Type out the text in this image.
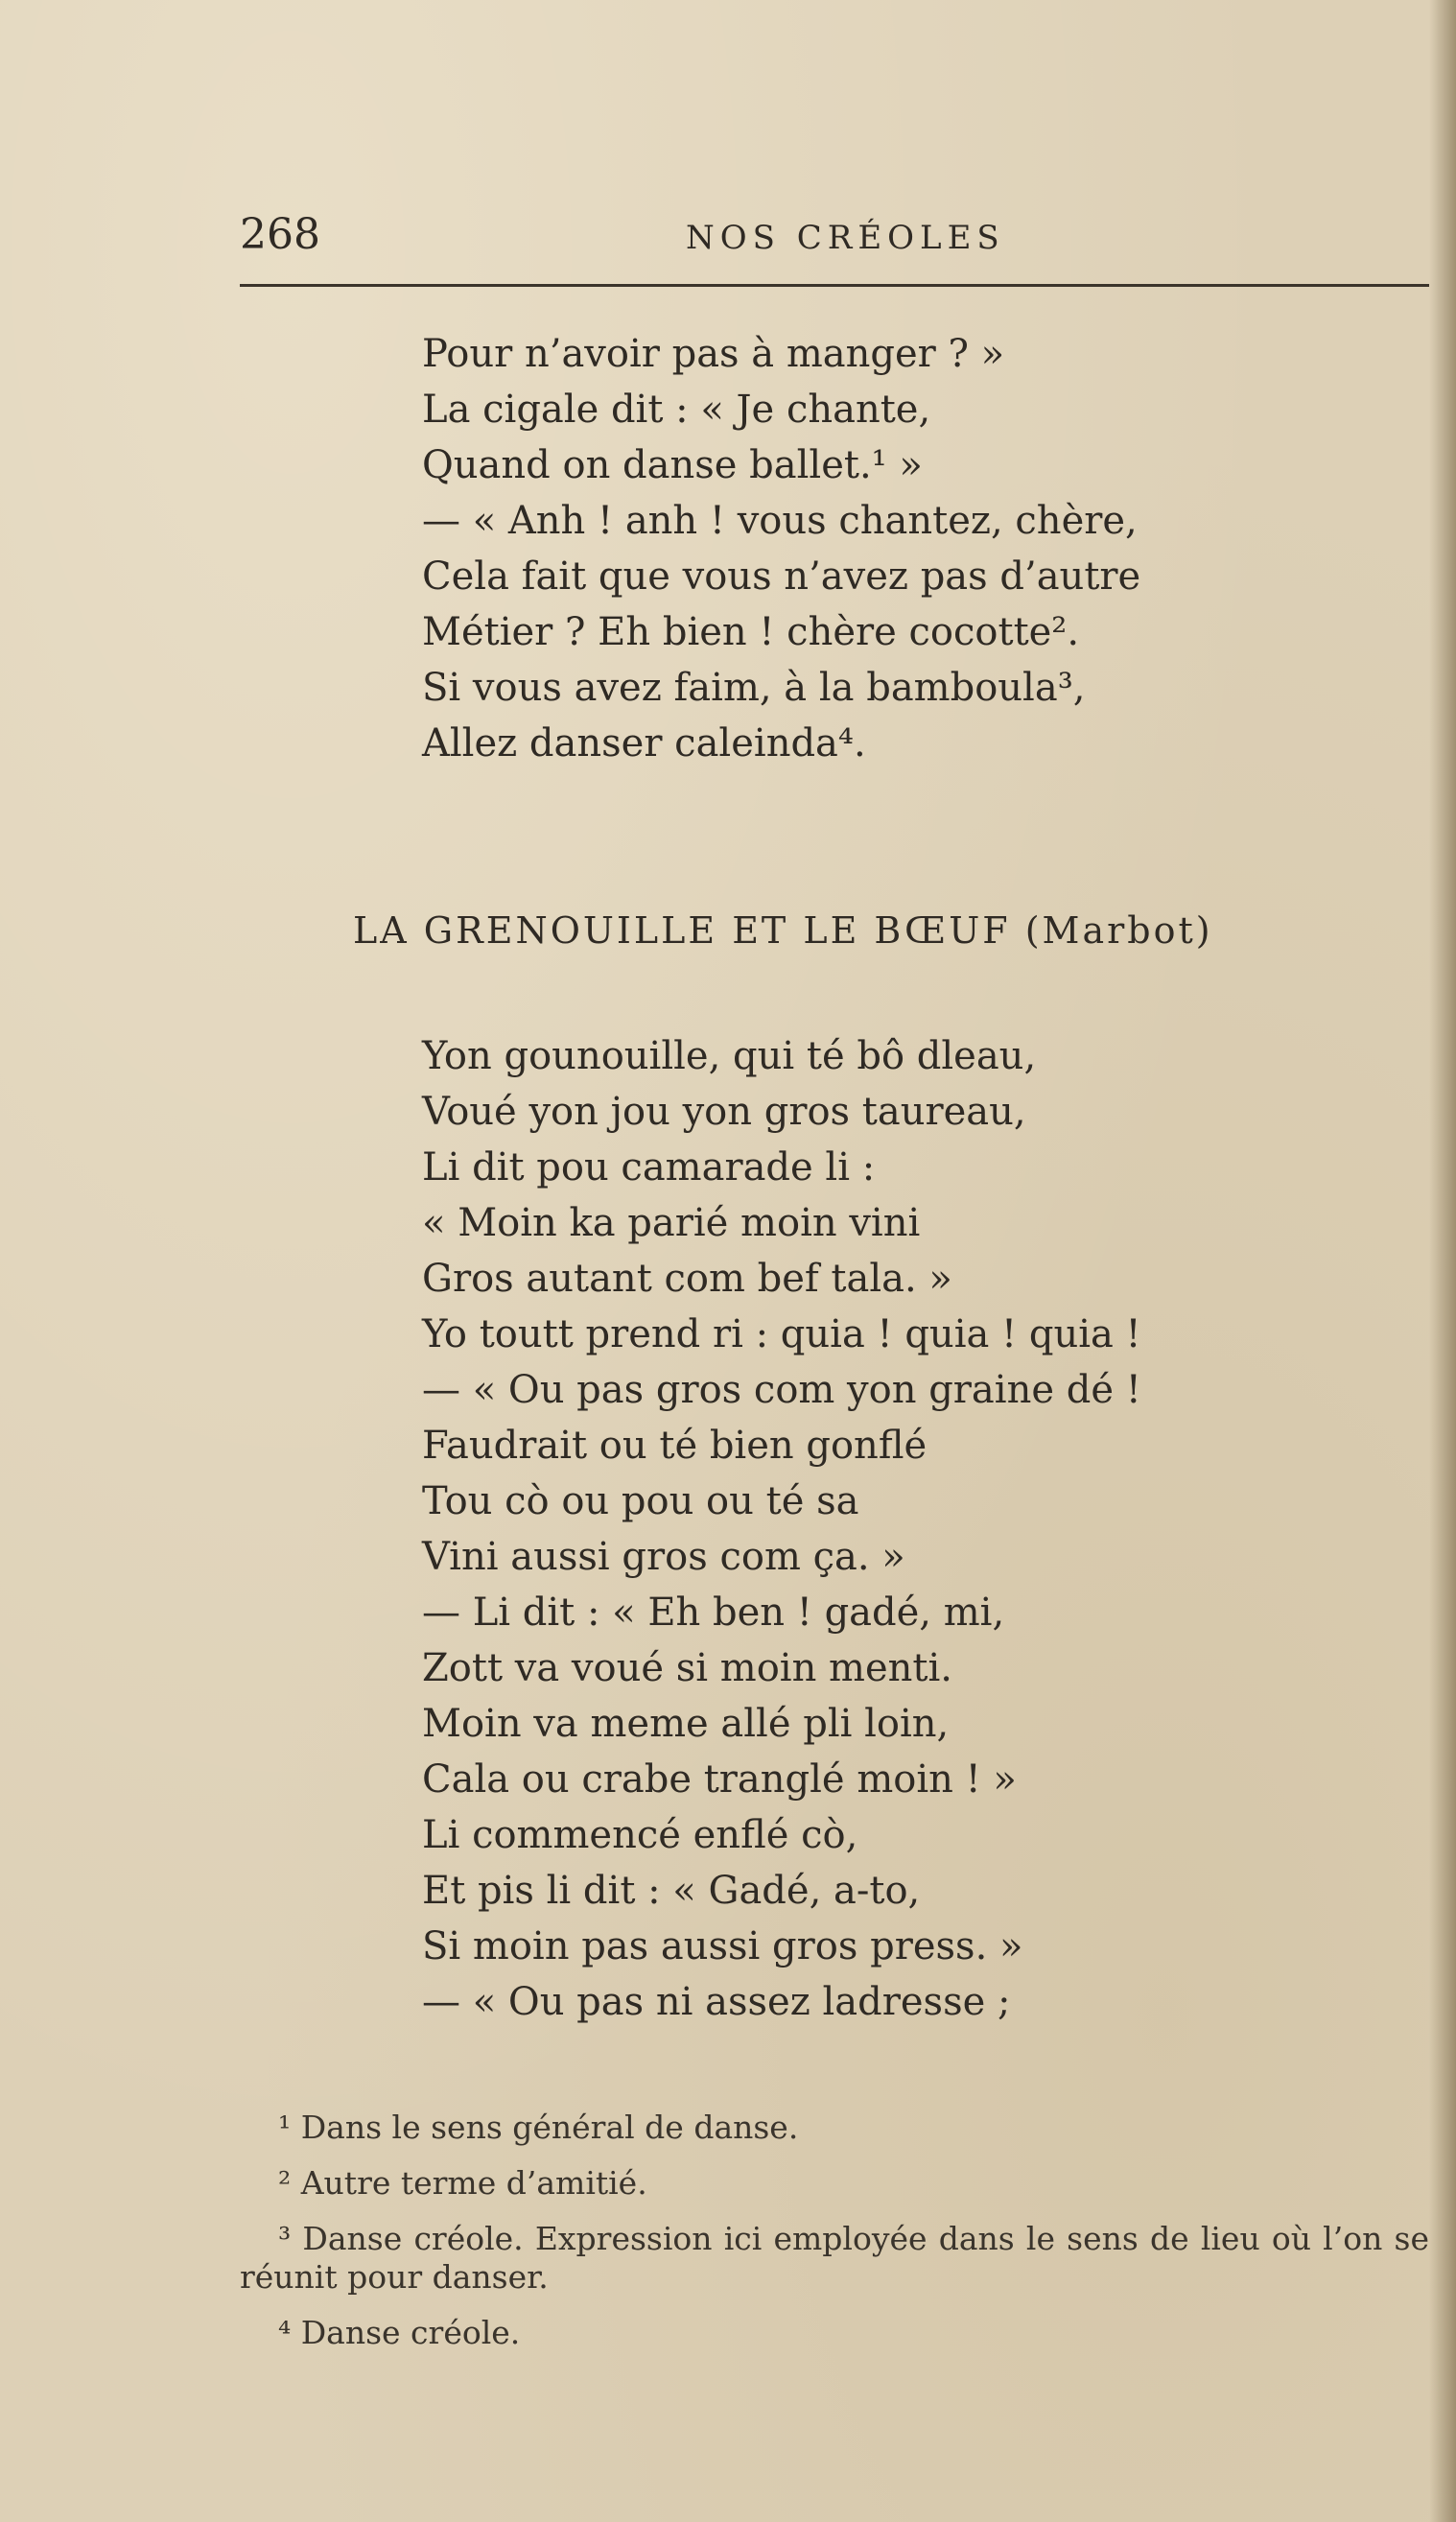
268	NOS CRÉOLES
Pour n’avoir pas à manger ? »
La cigale dit : « Je chante,
Quand on danse ballet.¹ »
— « Anh ! anh ! vous chantez, chère,
Cela fait que vous n’avez pas d’autre
Métier ? Eh bien ! chère cocotte².
Si vous avez faim, à la bamboula³,
Allez danser caleinda⁴.
LA GRENOUILLE ET LE BŒUF (Marbot)
Yon gounouille, qui té bô dleau,
Voué yon jou yon gros taureau,
Li dit pou camarade li :
« Moin ka parié moin vini
Gros autant com bef tala. »
Yo toutt prend ri : quia ! quia ! quia !
— « Ou pas gros com yon graine dé !
Faudrait ou té bien gonflé
Tou cò ou pou ou té sa
Vini aussi gros com ça. »
— Li dit : « Eh ben ! gadé, mi,
Zott va voué si moin menti.
Moin va meme allé pli loin,
Cala ou crabe tranglé moin ! »
Li commencé enflé cò,
Et pis li dit : « Gadé, a-to,
Si moin pas aussi gros press. »
— « Ou pas ni assez ladresse ;
¹ Dans le sens général de danse.
² Autre terme d’amitié.
³ Danse créole. Expression ici employée dans le sens de lieu où l’on se réunit pour danser.
⁴ Danse créole.
